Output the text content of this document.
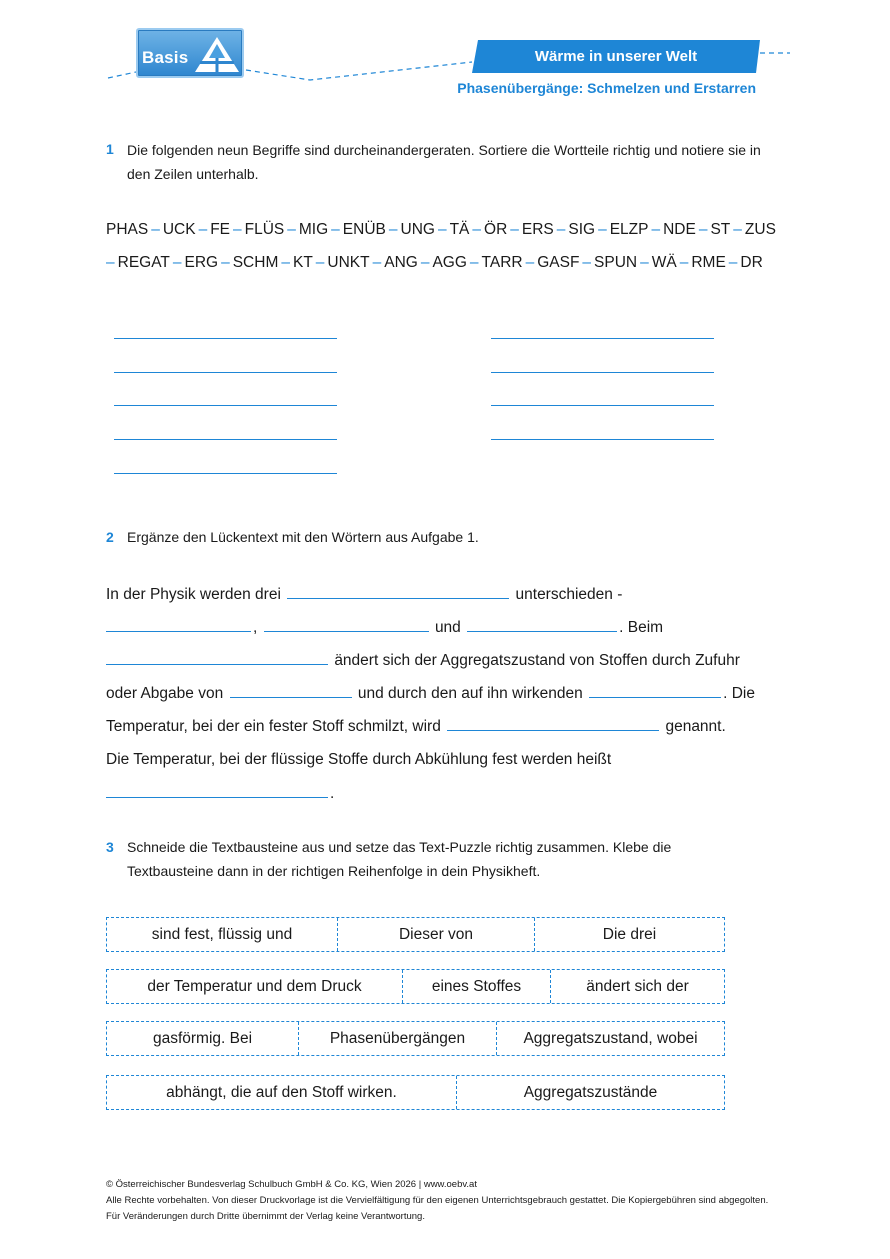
Basis	Wärme in unserer Welt
Phasenübergänge: Schmelzen und Erstarren
1 Die folgenden neun Begriffe sind durcheinandergeraten. Sortiere die Wortteile richtig und notiere sie in den Zeilen unterhalb.
PHAS – UCK – FE – FLÜS – MIG – ENÜB – UNG – TÄ – ÖR – ERS – SIG – ELZP – NDE – ST – ZUS
– REGAT – ERG – SCHM – KT – UNKT – ANG – AGG – TARR – GASF – SPUN – WÄ – RME – DR
2 Ergänze den Lückentext mit den Wörtern aus Aufgabe 1.
In der Physik werden drei	unterschieden -
,	und	. Beim
ändert sich der Aggregatszustand von Stoffen durch Zufuhr
oder Abgabe von	und durch den auf ihn wirkenden	. Die
Temperatur, bei der ein fester Stoff schmilzt, wird	genannt.
Die Temperatur, bei der flüssige Stoffe durch Abkühlung fest werden heißt
.
3 Schneide die Textbausteine aus und setze das Text-Puzzle richtig zusammen. Klebe die Textbausteine dann in der richtigen Reihenfolge in dein Physikheft.
sind fest, flüssig und	Dieser von	Die drei
der Temperatur und dem Druck	eines Stoffes	ändert sich der
gasförmig. Bei	Phasenübergängen	Aggregatszustand, wobei
abhängt, die auf den Stoff wirken.	Aggregatszustände
© Österreichischer Bundesverlag Schulbuch GmbH & Co. KG, Wien 2026 | www.oebv.at
Alle Rechte vorbehalten. Von dieser Druckvorlage ist die Vervielfältigung für den eigenen Unterrichtsgebrauch gestattet. Die Kopiergebühren sind abgegolten.
Für Veränderungen durch Dritte übernimmt der Verlag keine Verantwortung.
